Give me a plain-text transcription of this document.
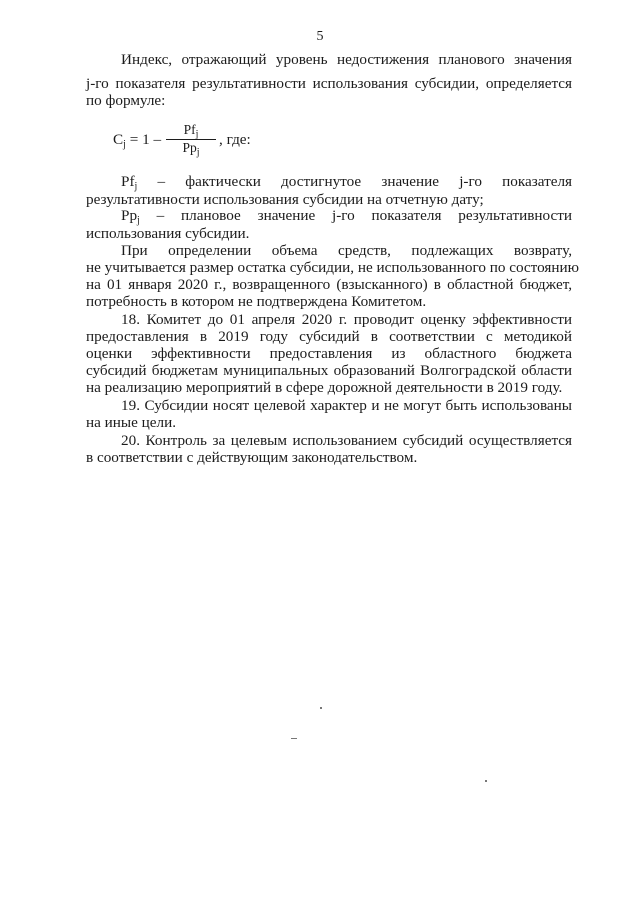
5
Индекс, отражающий уровень недостижения планового значения
j-го показателя результативности использования субсидии, определяется
по формуле:
$C_j = 1$ –
$Pf_j$
$Pp_j$
, где:
$Pf_j$ – фактически достигнутое значение j-го показателя
результативности использования субсидии на отчетную дату;
$Pp_j$ – плановое значение j-го показателя результативности
использования субсидии.
При определении объема средств, подлежащих возврату,
не учитывается размер остатка субсидии, не использованного по состоянию
на 01 января 2020 г., возвращенного (взысканного) в областной бюджет,
потребность в котором не подтверждена Комитетом.
18. Комитет до 01 апреля 2020 г. проводит оценку эффективности
предоставления в 2019 году субсидий в соответствии с методикой
оценки эффективности предоставления из областного бюджета
субсидий бюджетам муниципальных образований Волгоградской области
на реализацию мероприятий в сфере дорожной деятельности в 2019 году.
19. Субсидии носят целевой характер и не могут быть использованы
на иные цели.
20. Контроль за целевым использованием субсидий осуществляется
в соответствии с действующим законодательством.
